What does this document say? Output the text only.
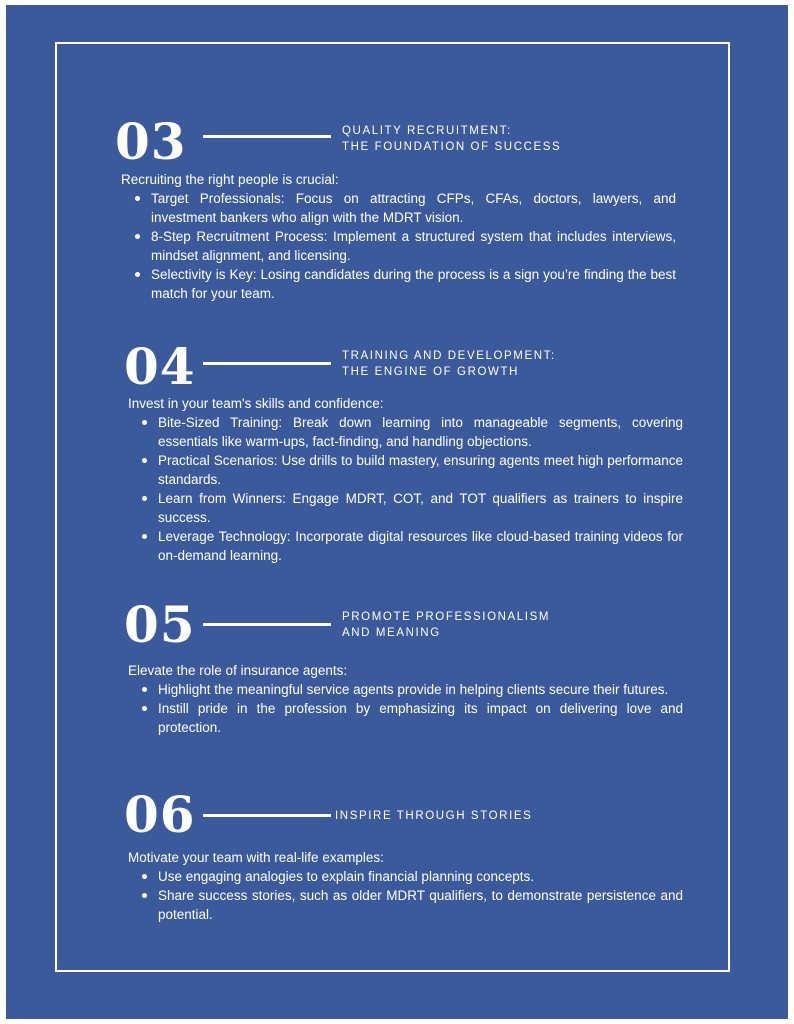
03	QUALITY RECRUITMENT:
THE FOUNDATION OF SUCCESS
Recruiting the right people is crucial:
Target Professionals: Focus on attracting CFPs, CFAs, doctors, lawyers, and investment bankers who align with the MDRT vision.
8-Step Recruitment Process: Implement a structured system that includes interviews, mindset alignment, and licensing.
Selectivity is Key: Losing candidates during the process is a sign you’re finding the best match for your team.
04	TRAINING AND DEVELOPMENT:
THE ENGINE OF GROWTH
Invest in your team's skills and confidence:
Bite-Sized Training: Break down learning into manageable segments, covering essentials like warm-ups, fact-finding, and handling objections.
Practical Scenarios: Use drills to build mastery, ensuring agents meet high performance standards.
Learn from Winners: Engage MDRT, COT, and TOT qualifiers as trainers to inspire success.
Leverage Technology: Incorporate digital resources like cloud-based training videos for on-demand learning.
05	PROMOTE PROFESSIONALISM
AND MEANING
Elevate the role of insurance agents:
Highlight the meaningful service agents provide in helping clients secure their futures.
Instill pride in the profession by emphasizing its impact on delivering love and protection.
06	INSPIRE THROUGH STORIES
Motivate your team with real-life examples:
Use engaging analogies to explain financial planning concepts.
Share success stories, such as older MDRT qualifiers, to demonstrate persistence and potential.
